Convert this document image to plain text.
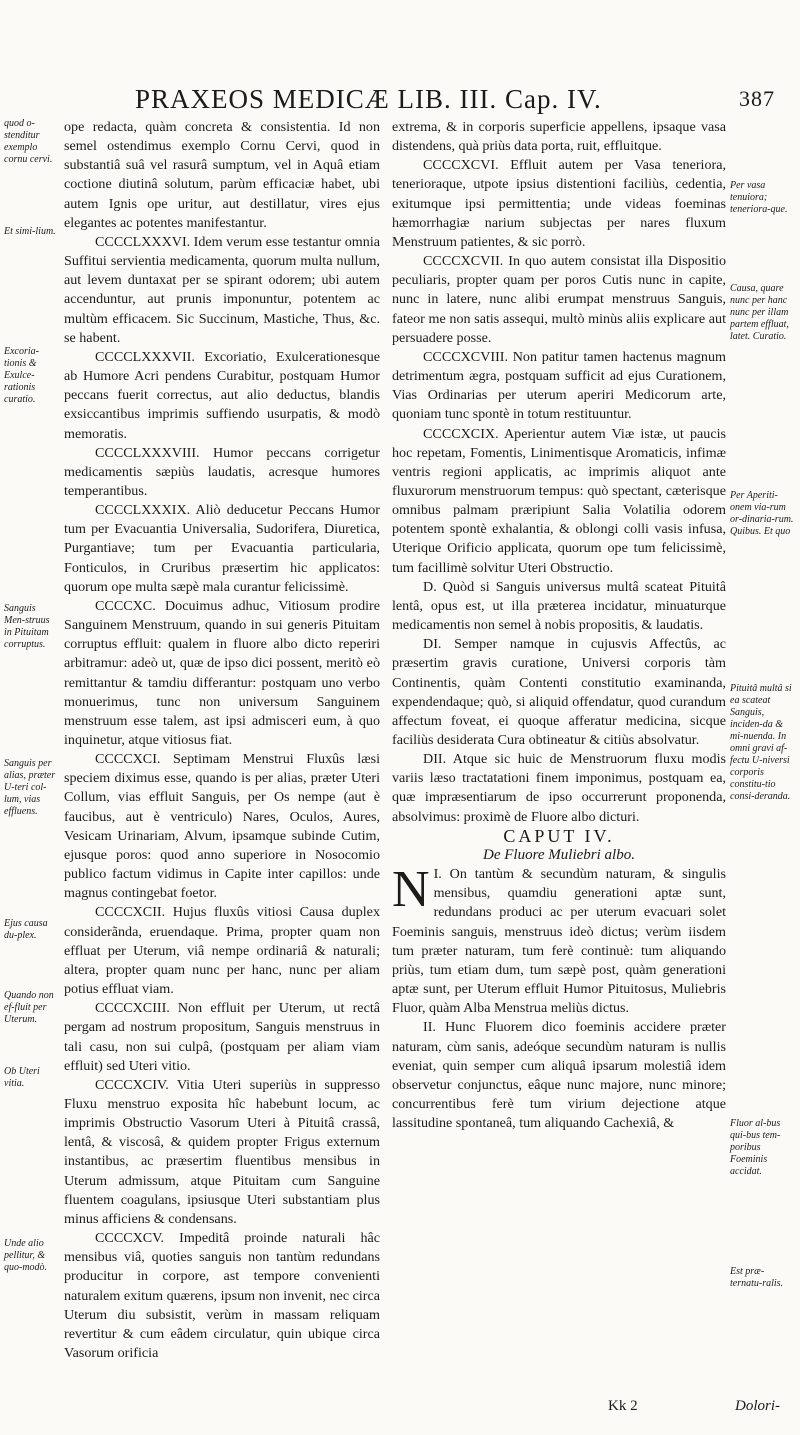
PRAXEOS MEDICÆ LIB. III. Cap. IV.	387
quod o-stenditur exemplo cornu cervi.
Et simi-lium.
Excoria-tionis & Exulce-rationis curatio.
Sanguis Men-struus in Pituitam corruptus.
Sanguis per alias, præter U-teri col-lum, vias effluens.
Ejus causa du-plex.
Quando non ef-fluit per Uterum.
Ob Uteri vitia.
Unde alio pellitur, & quo-modò.

ope redacta, quàm concreta & consistentia. Id non semel ostendimus exemplo Cornu Cervi, quod in substantiâ suâ vel rasurâ sumptum, vel in Aquâ etiam coctione diutinâ solutum, parùm efficaciæ habet, ubi autem Ignis ope uritur, aut destillatur, vires ejus elegantes ac potentes manifestantur.

CCCCLXXXVI. Idem verum esse testantur omnia Suffitui servientia medicamenta, quorum multa nullum, aut levem duntaxat per se spirant odorem; ubi autem accenduntur, aut prunis imponuntur, potentem ac multùm efficacem. Sic Succinum, Mastiche, Thus, &c. se habent.

CCCCLXXXVII. Excoriatio, Exulcerationesque ab Humore Acri pendens Curabitur, postquam Humor peccans fuerit correctus, aut alio deductus, blandis exsiccantibus imprimis suffiendo usurpatis, & modò memoratis.

CCCCLXXXVIII. Humor peccans corrigetur medicamentis sæpiùs laudatis, acresque humores temperantibus.

CCCCLXXXIX. Aliò deducetur Peccans Humor tum per Evacuantia Universalia, Sudorifera, Diuretica, Purgantiave; tum per Evacuantia particularia, Fonticulos, in Cruribus præsertim hic applicatos: quorum ope multa sæpè mala curantur felicissimè.

CCCCXC. Docuimus adhuc, Vitiosum prodire Sanguinem Menstruum, quando in sui generis Pituitam corruptus effluit: qualem in fluore albo dicto reperiri arbitramur: adeò ut, quæ de ipso dici possent, meritò eò remittantur & tamdiu differantur: postquam uno verbo monuerimus, tunc non universum Sanguinem menstruum esse talem, ast ipsi admisceri eum, à quo inquinetur, atque vitiosus fiat.

CCCCXCI. Septimam Menstrui Fluxûs læsi speciem diximus esse, quando is per alias, præter Uteri Collum, vias effluit Sanguis, per Os nempe (aut è faucibus, aut è ventriculo) Nares, Oculos, Aures, Vesicam Urinariam, Alvum, ipsamque subinde Cutim, ejusque poros: quod anno superiore in Nosocomio publico factum vidimus in Capite inter capillos: unde magnus contingebat foetor.

CCCCXCII. Hujus fluxûs vitiosi Causa duplex considerãnda, eruendaque. Prima, propter quam non effluat per Uterum, viâ nempe ordinariâ & naturali; altera, propter quam nunc per hanc, nunc per aliam potius effluat viam.

CCCCXCIII. Non effluit per Uterum, ut rectâ pergam ad nostrum propositum, Sanguis menstruus in tali casu, non sui culpâ, (postquam per aliam viam effluit) sed Uteri vitio.

CCCCXCIV. Vitia Uteri superiùs in suppresso Fluxu menstruo exposita hîc habebunt locum, ac imprimis Obstructio Vasorum Uteri à Pituitâ crassâ, lentâ, & viscosâ, & quidem propter Frigus externum instantibus, ac præsertim fluentibus mensibus in Uterum admissum, atque Pituitam cum Sanguine fluentem coagulans, ipsiusque Uteri substantiam plus minus afficiens & condensans.

CCCCXCV. Impeditâ proinde naturali hâc mensibus viâ, quoties sanguis non tantùm redundans producitur in corpore, ast tempore convenienti naturalem exitum quærens, ipsum non invenit, nec circa Uterum diu subsistit, verùm in massam reliquam revertitur & cum eâdem circulatur, quin ubique circa Vasorum orificia

extrema, & in corporis superficie appellens, ipsaque vasa distendens, quà priùs data porta, ruit, effluitque.

CCCCXCVI. Effluit autem per Vasa teneriora, tenerioraque, utpote ipsius distentioni faciliùs, cedentia, exitumque ipsi permittentia; unde videas foeminas hæmorrhagiæ narium subjectas per nares fluxum Menstruum patientes, & sic porrò.

CCCCXCVII. In quo autem consistat illa Dispositio peculiaris, propter quam per poros Cutis nunc in capite, nunc in latere, nunc alibi erumpat menstruus Sanguis, fateor me non satis assequi, multò minùs aliis explicare aut persuadere posse.

CCCCXCVIII. Non patitur tamen hactenus magnum detrimentum ægra, postquam sufficit ad ejus Curationem, Vias Ordinarias per uterum aperiri Medicorum arte, quoniam tunc spontè in totum restituuntur.

CCCCXCIX. Aperientur autem Viæ istæ, ut paucis hoc repetam, Fomentis, Linimentisque Aromaticis, infimæ ventris regioni applicatis, ac imprimis aliquot ante fluxurorum menstruorum tempus: quò spectant, cæterisque omnibus palmam præripiunt Salia Volatilia odorem potentem spontè exhalantia, & oblongi colli vasis infusa, Uterique Orificio applicata, quorum ope tum felicissimè, tum facillimè solvitur Uteri Obstructio.

D. Quòd si Sanguis universus multâ scateat Pituitâ lentâ, opus est, ut illa præterea incidatur, minuaturque medicamentis non semel à nobis propositis, & laudatis.

DI. Semper namque in cujusvis Affectûs, ac præsertim gravis curatione, Universi corporis tàm Continentis, quàm Contenti constitutio examinanda, expendendaque; quò, si aliquid offendatur, quod curandum affectum foveat, ei quoque afferatur medicina, sicque faciliùs desiderata Cura obtineatur & citiùs absolvatur.

DII. Atque sic huic de Menstruorum fluxu modis variis læso tractatationi finem imponimus, postquam ea, quæ impræsentiarum de ipso occurrerunt proponenda, absolvimus: proximè de Fluore albo dicturi.

CAPUT IV.

De Fluore Muliebri albo.

I.
N On tantùm & secundùm naturam, & singulis mensibus, quamdiu generationi aptæ sunt, redundans produci ac per uterum evacuari solet Foeminis sanguis, menstruus ideò dictus; verùm iisdem tum præter naturam, tum ferè continuè: tum aliquando priùs, tum etiam dum, tum sæpè post, quàm generationi aptæ sunt, per Uterum effluit Humor Pituitosus, Muliebris Fluor, quàm Alba Menstrua meliùs dictus.

II. Hunc Fluorem dico foeminis accidere præter naturam, cùm sanis, adeóque secundùm naturam is nullis eveniat, quin semper cum aliquâ ipsarum molestiâ idem observetur conjunctus, eâque nunc majore, nunc minore; concurrentibus ferè tum virium dejectione atque lassitudine spontaneâ, tum aliquando Cachexiâ, &

Per vasa tenuiora; teneriora-que.
Causa, quare nunc per hanc nunc per illam partem effluat, latet. Curatio.
Per Aperiti-onem via-rum or-dinaria-rum. Quibus. Et quo
Pituitâ multâ si ea scateat Sanguis, inciden-da & mi-nuenda. In omni gravi af-fectu U-niversi corporis constitu-tio consi-deranda.
Fluor al-bus qui-bus tem-poribus Foeminis accidat.
Est præ-ternatu-ralis.
Kk 2	Dolori-
